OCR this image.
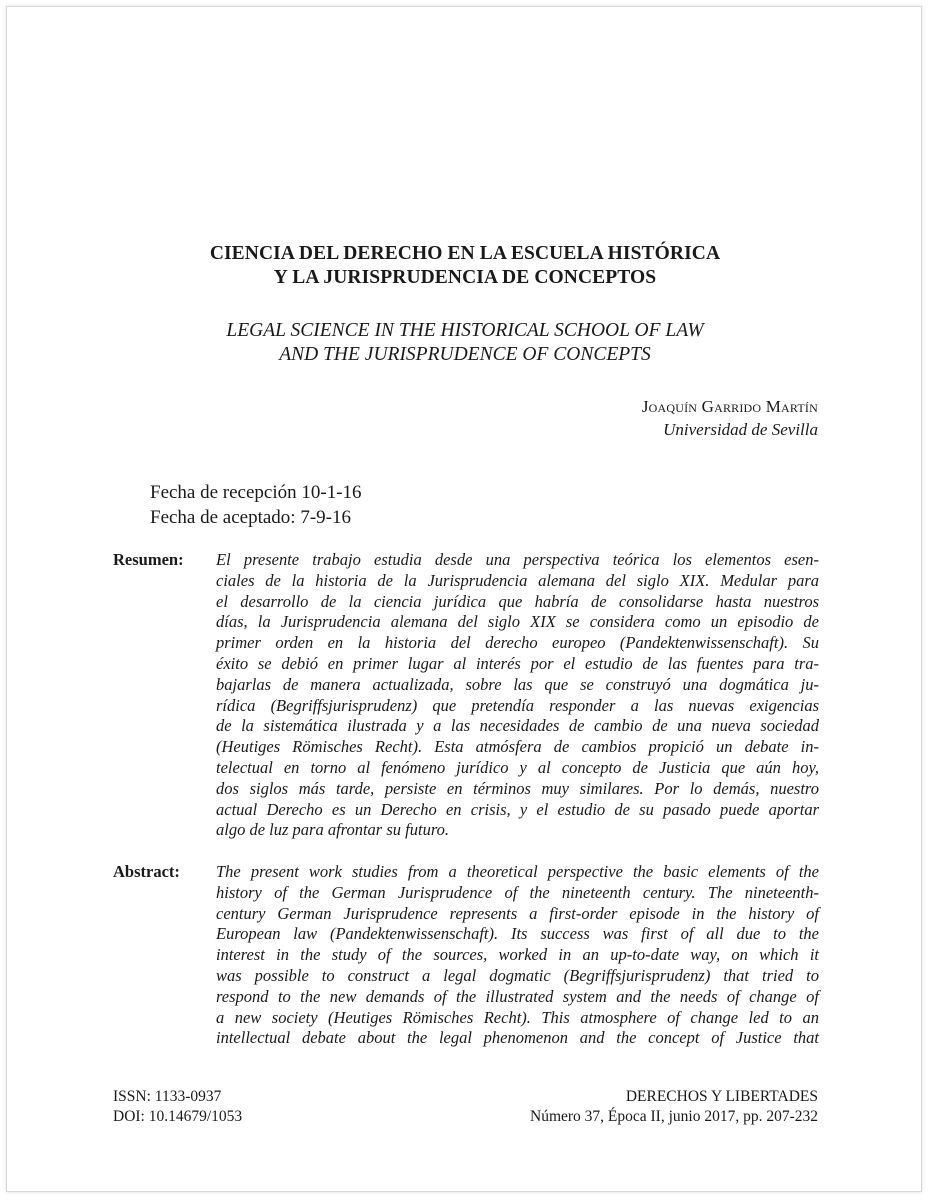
CIENCIA DEL DERECHO EN LA ESCUELA HISTÓRICA
Y LA JURISPRUDENCIA DE CONCEPTOS
LEGAL SCIENCE IN THE HISTORICAL SCHOOL OF LAW
AND THE JURISPRUDENCE OF CONCEPTS
Joaquín Garrido Martín
Universidad de Sevilla
Fecha de recepción 10-1-16
Fecha de aceptado: 7-9-16
Resumen: El presente trabajo estudia desde una perspectiva teórica los elementos esen-
ciales de la historia de la Jurisprudencia alemana del siglo XIX. Medular para
el desarrollo de la ciencia jurídica que habría de consolidarse hasta nuestros
días, la Jurisprudencia alemana del siglo XIX se considera como un episodio de
primer orden en la historia del derecho europeo (Pandektenwissenschaft). Su
éxito se debió en primer lugar al interés por el estudio de las fuentes para tra-
bajarlas de manera actualizada, sobre las que se construyó una dogmática ju-
rídica (Begriffsjurisprudenz) que pretendía responder a las nuevas exigencias
de la sistemática ilustrada y a las necesidades de cambio de una nueva sociedad
(Heutiges Römisches Recht). Esta atmósfera de cambios propició un debate in-
telectual en torno al fenómeno jurídico y al concepto de Justicia que aún hoy,
dos siglos más tarde, persiste en términos muy similares. Por lo demás, nuestro
actual Derecho es un Derecho en crisis, y el estudio de su pasado puede aportar
algo de luz para afrontar su futuro.
Abstract: The present work studies from a theoretical perspective the basic elements of the
history of the German Jurisprudence of the nineteenth century. The nineteenth-
century German Jurisprudence represents a first-order episode in the history of
European law (Pandektenwissenschaft). Its success was first of all due to the
interest in the study of the sources, worked in an up-to-date way, on which it
was possible to construct a legal dogmatic (Begriffsjurisprudenz) that tried to
respond to the new demands of the illustrated system and the needs of change of
a new society (Heutiges Römisches Recht). This atmosphere of change led to an
intellectual debate about the legal phenomenon and the concept of Justice that
ISSN: 1133-0937
DOI: 10.14679/1053
DERECHOS Y LIBERTADES
Número 37, Época II, junio 2017, pp. 207-232
